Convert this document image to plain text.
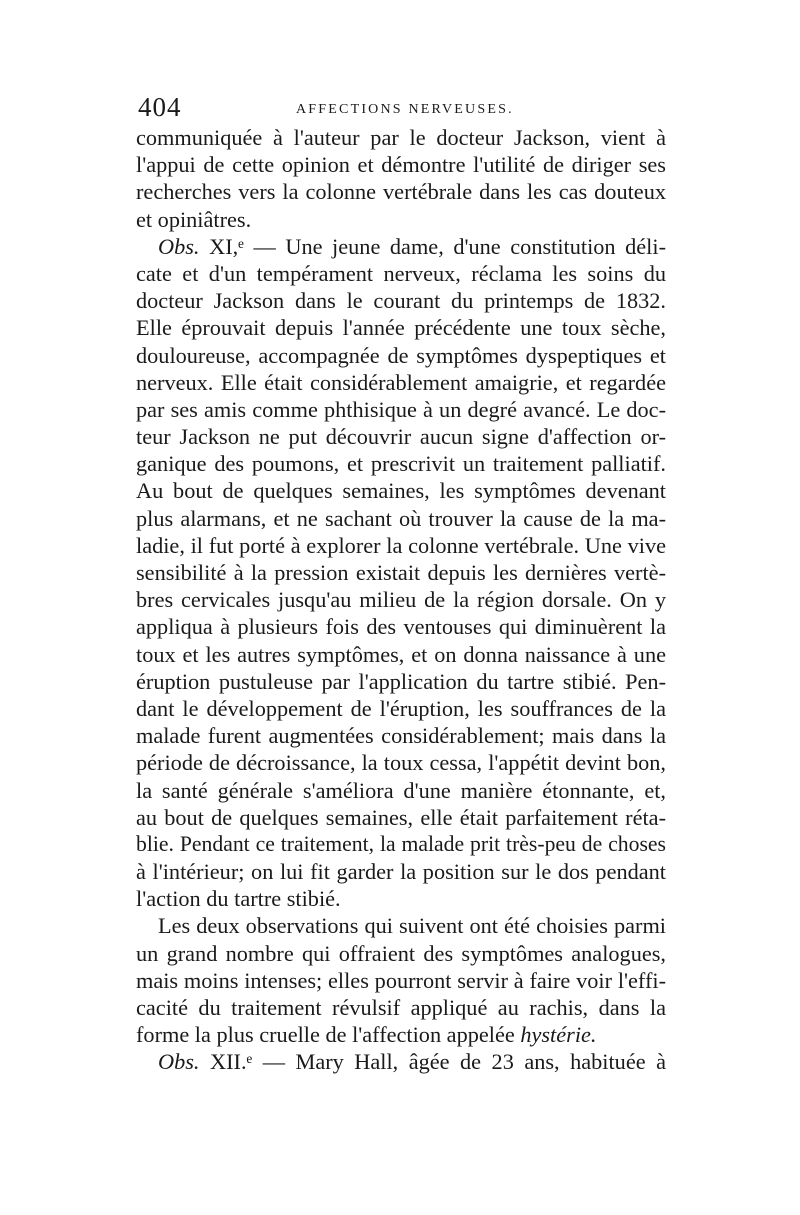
404	AFFECTIONS NERVEUSES.
communiquée à l'auteur par le docteur Jackson, vient à
l'appui de cette opinion et démontre l'utilité de diriger ses
recherches vers la colonne vertébrale dans les cas douteux
et opiniâtres.
Obs. XI,ᵉ — Une jeune dame, d'une constitution déli-
cate et d'un tempérament nerveux, réclama les soins du
docteur Jackson dans le courant du printemps de 1832.
Elle éprouvait depuis l'année précédente une toux sèche,
douloureuse, accompagnée de symptômes dyspeptiques et
nerveux. Elle était considérablement amaigrie, et regardée
par ses amis comme phthisique à un degré avancé. Le doc-
teur Jackson ne put découvrir aucun signe d'affection or-
ganique des poumons, et prescrivit un traitement palliatif.
Au bout de quelques semaines, les symptômes devenant
plus alarmans, et ne sachant où trouver la cause de la ma-
ladie, il fut porté à explorer la colonne vertébrale. Une vive
sensibilité à la pression existait depuis les dernières vertè-
bres cervicales jusqu'au milieu de la région dorsale. On y
appliqua à plusieurs fois des ventouses qui diminuèrent la
toux et les autres symptômes, et on donna naissance à une
éruption pustuleuse par l'application du tartre stibié. Pen-
dant le développement de l'éruption, les souffrances de la
malade furent augmentées considérablement; mais dans la
période de décroissance, la toux cessa, l'appétit devint bon,
la santé générale s'améliora d'une manière étonnante, et,
au bout de quelques semaines, elle était parfaitement réta-
blie. Pendant ce traitement, la malade prit très-peu de choses
à l'intérieur; on lui fit garder la position sur le dos pendant
l'action du tartre stibié.
Les deux observations qui suivent ont été choisies parmi
un grand nombre qui offraient des symptômes analogues,
mais moins intenses; elles pourront servir à faire voir l'effi-
cacité du traitement révulsif appliqué au rachis, dans la
forme la plus cruelle de l'affection appelée hystérie.
Obs. XII.ᵉ — Mary Hall, âgée de 23 ans, habituée à
